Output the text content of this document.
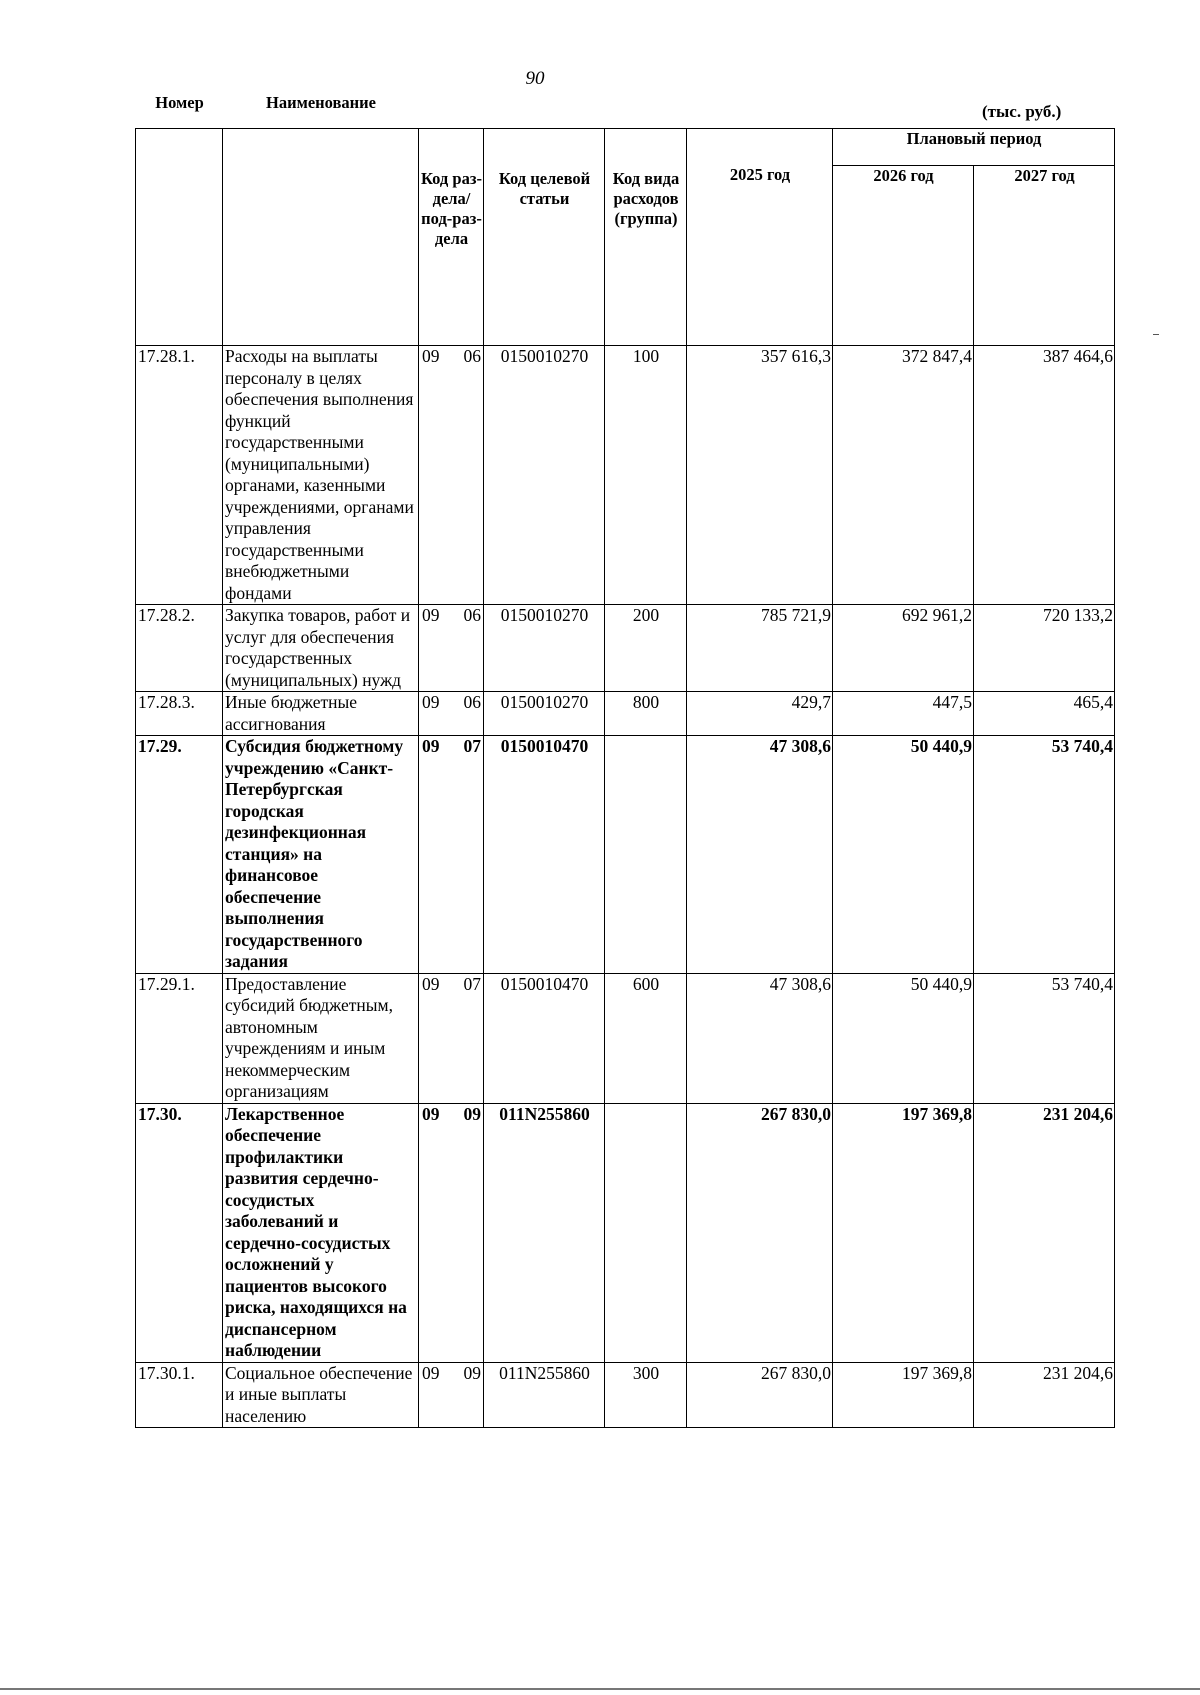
90
(тыс. руб.)
Номер	Наименование	Код раз-дела/ под-раз-дела	Код целевой статьи	Код вида расходов (группа)	2025 год	Плановый период	
						2026 год	2027 год
17.28.1.	Расходы на выплаты персоналу в целях обеспечения выполнения функций государственными (муниципальными) органами, казенными учреждениями, органами управления государственными внебюджетными фондами	09 06	0150010270	100	357 616,3	372 847,4	387 464,6
17.28.2.	Закупка товаров, работ и услуг для обеспечения государственных (муниципальных) нужд	09 06	0150010270	200	785 721,9	692 961,2	720 133,2
17.28.3.	Иные бюджетные ассигнования	09 06	0150010270	800	429,7	447,5	465,4
17.29.	Субсидия бюджетному учреждению «Санкт-Петербургская городская дезинфекционная станция» на финансовое обеспечение выполнения государственного задания	09 07	0150010470		47 308,6	50 440,9	53 740,4
17.29.1.	Предоставление субсидий бюджетным, автономным учреждениям и иным некоммерческим организациям	09 07	0150010470	600	47 308,6	50 440,9	53 740,4
17.30.	Лекарственное обеспечение профилактики развития сердечно-сосудистых заболеваний и сердечно-сосудистых осложнений у пациентов высокого риска, находящихся на диспансерном наблюдении	09 09	011N255860		267 830,0	197 369,8	231 204,6
17.30.1.	Социальное обеспечение и иные выплаты населению	09 09	011N255860	300	267 830,0	197 369,8	231 204,6
